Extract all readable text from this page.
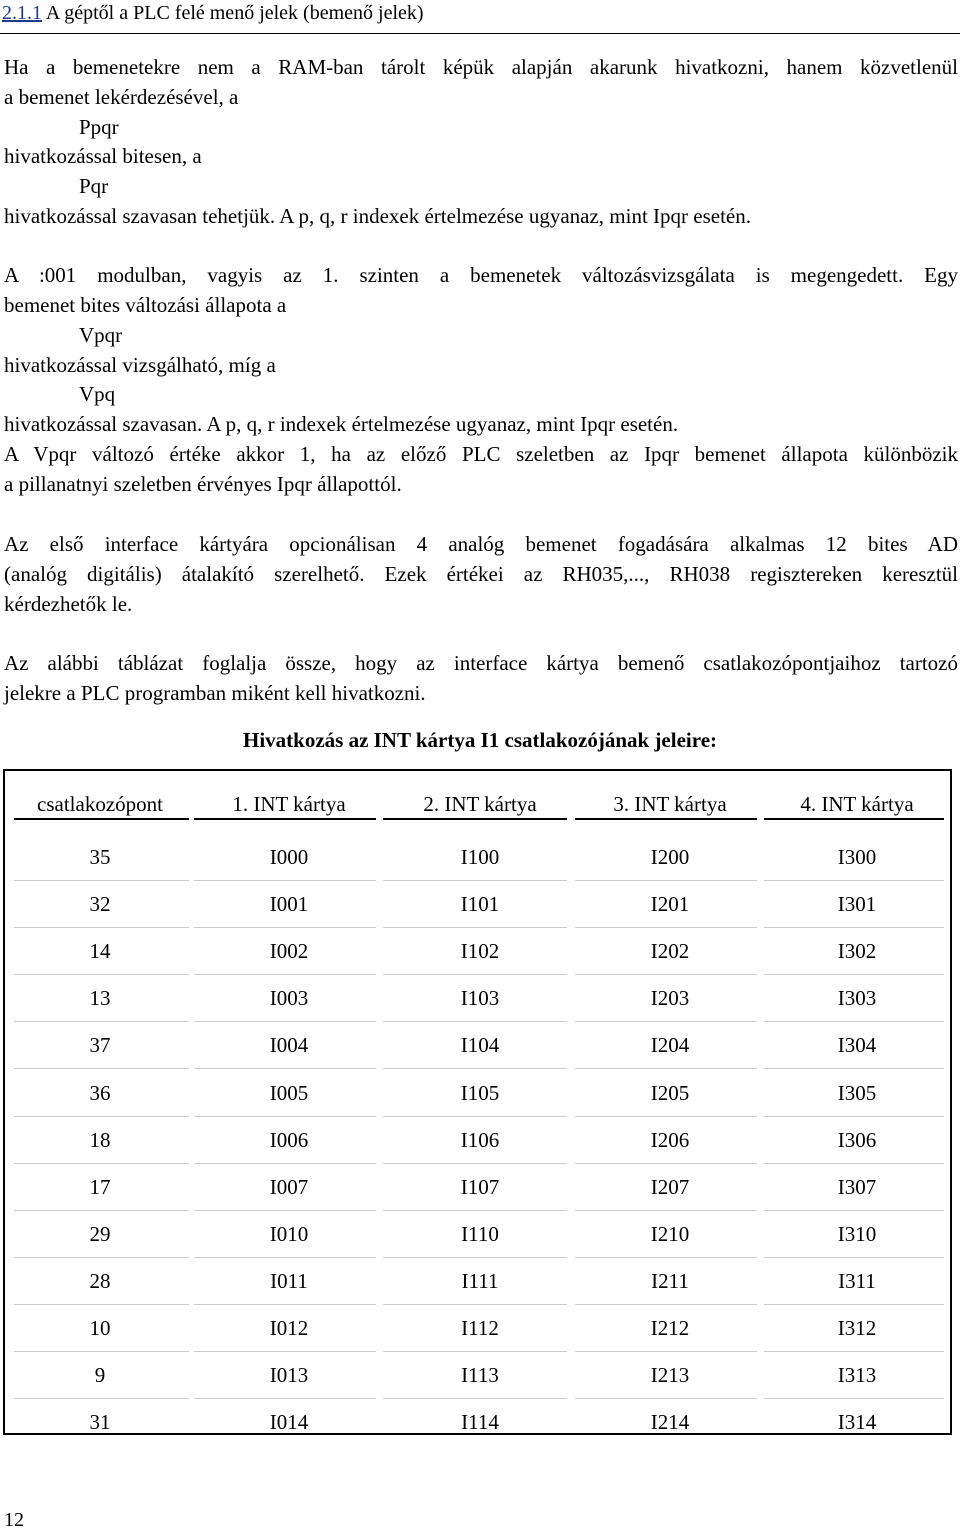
2.1.1 A géptől a PLC felé menő jelek (bemenő jelek)
Ha a bemenetekre nem a RAM-ban tárolt képük alapján akarunk hivatkozni, hanem közvetlenül
a bemenet lekérdezésével, a
Ppqr
hivatkozással bitesen, a
Pqr
hivatkozással szavasan tehetjük. A p, q, r indexek értelmezése ugyanaz, mint Ipqr esetén.
A :001 modulban, vagyis az 1. szinten a bemenetek változásvizsgálata is megengedett. Egy
bemenet bites változási állapota a
Vpqr
hivatkozással vizsgálható, míg a
Vpq
hivatkozással szavasan. A p, q, r indexek értelmezése ugyanaz, mint Ipqr esetén.
A Vpqr változó értéke akkor 1, ha az előző PLC szeletben az Ipqr bemenet állapota különbözik
a pillanatnyi szeletben érvényes Ipqr állapottól.
Az első interface kártyára opcionálisan 4 analóg bemenet fogadására alkalmas 12 bites AD
(analóg digitális) átalakító szerelhető. Ezek értékei az RH035,..., RH038 regisztereken keresztül
kérdezhetők le.
Az alábbi táblázat foglalja össze, hogy az interface kártya bemenő csatlakozópontjaihoz tartozó
jelekre a PLC programban miként kell hivatkozni.
Hivatkozás az INT kártya I1 csatlakozójának jeleire:
csatlakozópont	1. INT kártya	2. INT kártya	3. INT kártya	4. INT kártya
35	I000	I100	I200	I300
32	I001	I101	I201	I301
14	I002	I102	I202	I302
13	I003	I103	I203	I303
37	I004	I104	I204	I304
36	I005	I105	I205	I305
18	I006	I106	I206	I306
17	I007	I107	I207	I307
29	I010	I110	I210	I310
28	I011	I111	I211	I311
10	I012	I112	I212	I312
9	I013	I113	I213	I313
31	I014	I114	I214	I314
12
